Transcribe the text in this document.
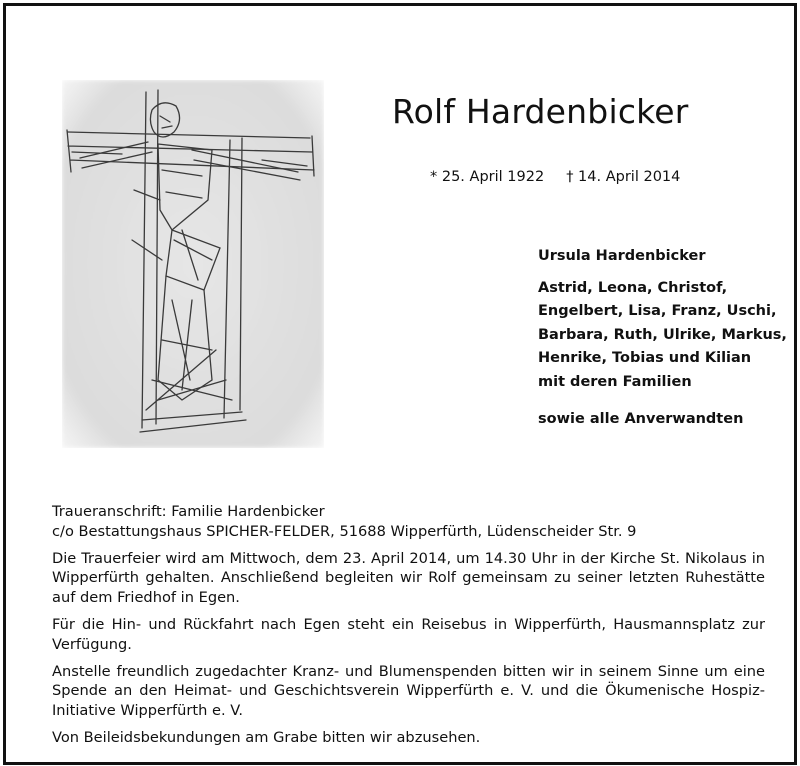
Rolf Hardenbicker
* 25. April 1922 † 14. April 2014
Ursula Hardenbicker
Astrid, Leona, Christof,
Engelbert, Lisa, Franz, Uschi,
Barbara, Ruth, Ulrike, Markus,
Henrike, Tobias und Kilian
mit deren Familien
sowie alle Anverwandten

Traueranschrift: Familie Hardenbicker

c/o Bestattungshaus SPICHER-FELDER, 51688 Wipperfürth, Lüdenscheider Str. 9

Die Trauerfeier wird am Mittwoch, dem 23. April 2014, um 14.30 Uhr in der Kirche St. Nikolaus in Wipperfürth gehalten. Anschließend begleiten wir Rolf gemeinsam zu seiner letzten Ruhestätte auf dem Friedhof in Egen.

Für die Hin- und Rückfahrt nach Egen steht ein Reisebus in Wipperfürth, Hausmannsplatz zur Verfügung.

Anstelle freundlich zugedachter Kranz- und Blumenspenden bitten wir in seinem Sinne um eine Spende an den Heimat- und Geschichtsverein Wipperfürth e. V. und die Ökumenische Hospiz-Initiative Wipperfürth e. V.

Von Beileidsbekundungen am Grabe bitten wir abzusehen.
